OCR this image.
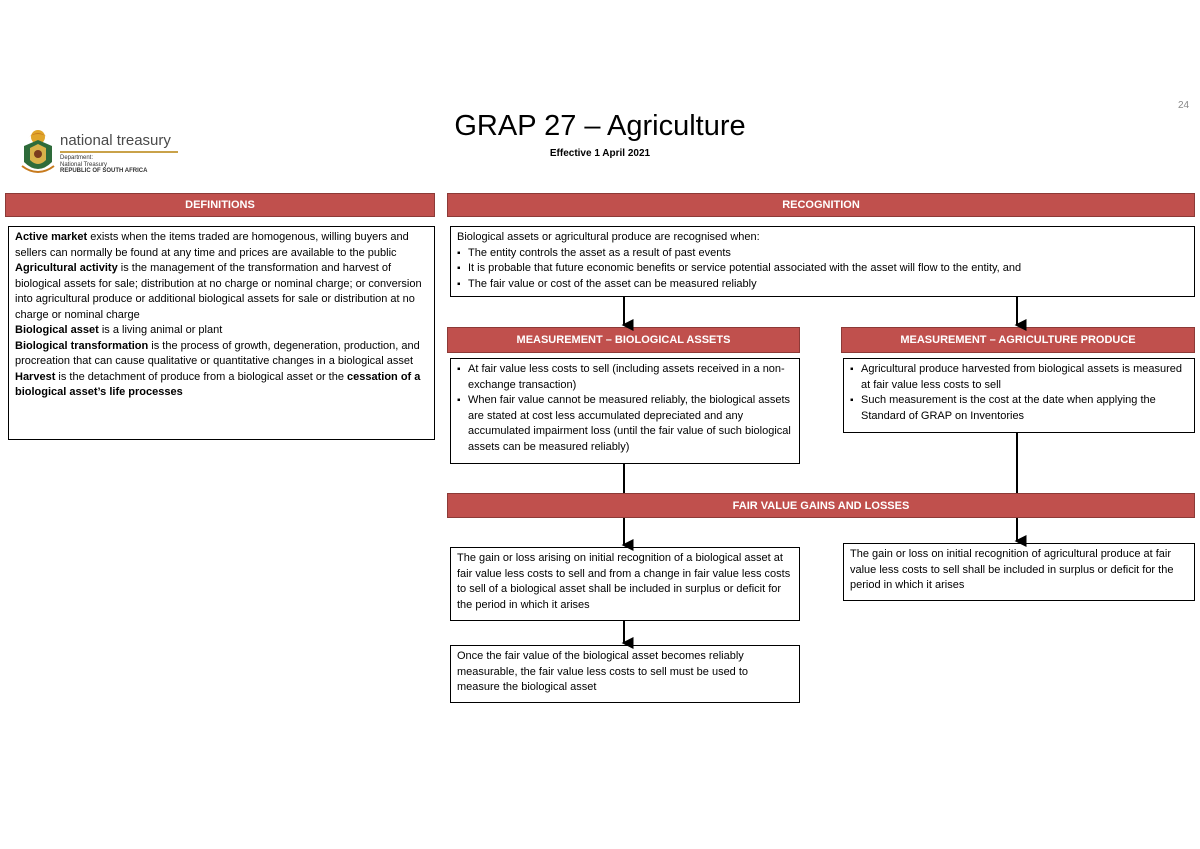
24
national treasury
Department:
National Treasury
REPUBLIC OF SOUTH AFRICA
GRAP 27 – Agriculture
Effective 1 April 2021
DEFINITIONS

Active market exists when the items traded are homogenous, willing buyers and sellers can normally be found at any time and prices are available to the public

Agricultural activity is the management of the transformation and harvest of biological assets for sale; distribution at no charge or nominal charge; or conversion into agricultural produce or additional biological assets for sale or distribution at no charge or nominal charge

Biological asset is a living animal or plant

Biological transformation is the process of growth, degeneration, production, and procreation that can cause qualitative or quantitative changes in a biological asset

Harvest is the detachment of produce from a biological asset or the cessation of a biological asset’s life processes

RECOGNITION

Biological assets or agricultural produce are recognised when:

▪ The entity controls the asset as a result of past events
▪ It is probable that future economic benefits or service potential associated with the asset will flow to the entity, and
▪ The fair value or cost of the asset can be measured reliably
MEASUREMENT – BIOLOGICAL ASSETS
▪ At fair value less costs to sell (including assets received in a non-exchange transaction)
▪ When fair value cannot be measured reliably, the biological assets are stated at cost less accumulated depreciated and any accumulated impairment loss (until the fair value of such biological assets can be measured reliably)
MEASUREMENT – AGRICULTURE PRODUCE
▪ Agricultural produce harvested from biological assets is measured at fair value less costs to sell
▪ Such measurement is the cost at the date when applying the Standard of GRAP on Inventories
FAIR VALUE GAINS AND LOSSES

The gain or loss arising on initial recognition of a biological asset at fair value less costs to sell and from a change in fair value less costs to sell of a biological asset shall be included in surplus or deficit for the period in which it arises

The gain or loss on initial recognition of agricultural produce at fair value less costs to sell shall be included in surplus or deficit for the period in which it arises

Once the fair value of the biological asset becomes reliably measurable, the fair value less costs to sell must be used to measure the biological asset
